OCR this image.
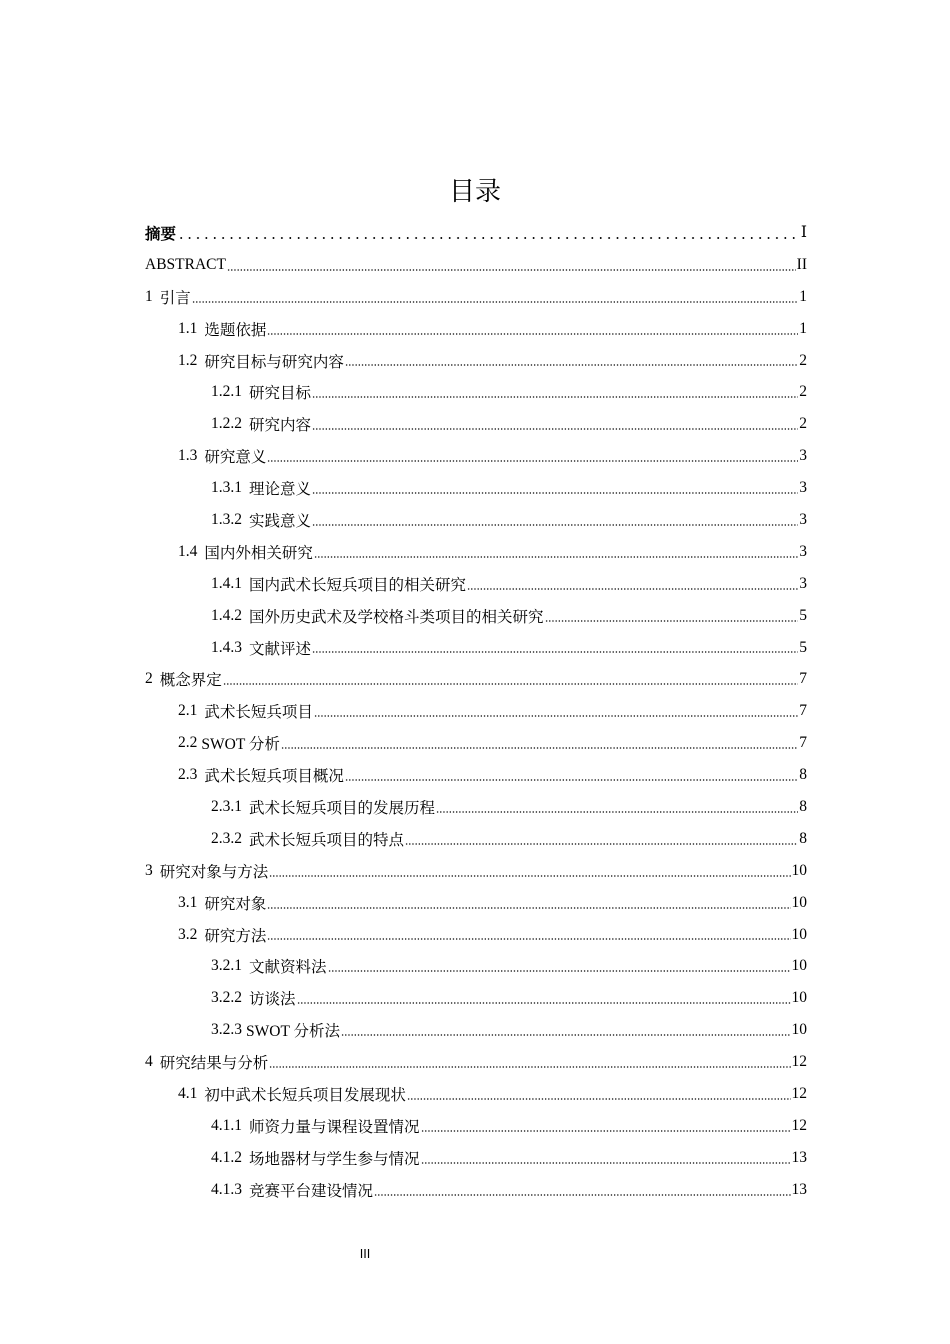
目录
摘要	Ⅰ
ABSTRACT	II
1 引言	1
1.1 选题依据	1
1.2 研究目标与研究内容	2
1.2.1 研究目标	2
1.2.2 研究内容	2
1.3 研究意义	3
1.3.1 理论意义	3
1.3.2 实践意义	3
1.4 国内外相关研究	3
1.4.1 国内武术长短兵项目的相关研究	3
1.4.2 国外历史武术及学校格斗类项目的相关研究	5
1.4.3 文献评述	5
2 概念界定	7
2.1 武术长短兵项目	7
2.2 SWOT 分析	7
2.3 武术长短兵项目概况	8
2.3.1 武术长短兵项目的发展历程	8
2.3.2 武术长短兵项目的特点	8
3 研究对象与方法	10
3.1 研究对象	10
3.2 研究方法	10
3.2.1 文献资料法	10
3.2.2 访谈法	10
3.2.3 SWOT 分析法	10
4 研究结果与分析	12
4.1 初中武术长短兵项目发展现状	12
4.1.1 师资力量与课程设置情况	12
4.1.2 场地器材与学生参与情况	13
4.1.3 竞赛平台建设情况	13
III
